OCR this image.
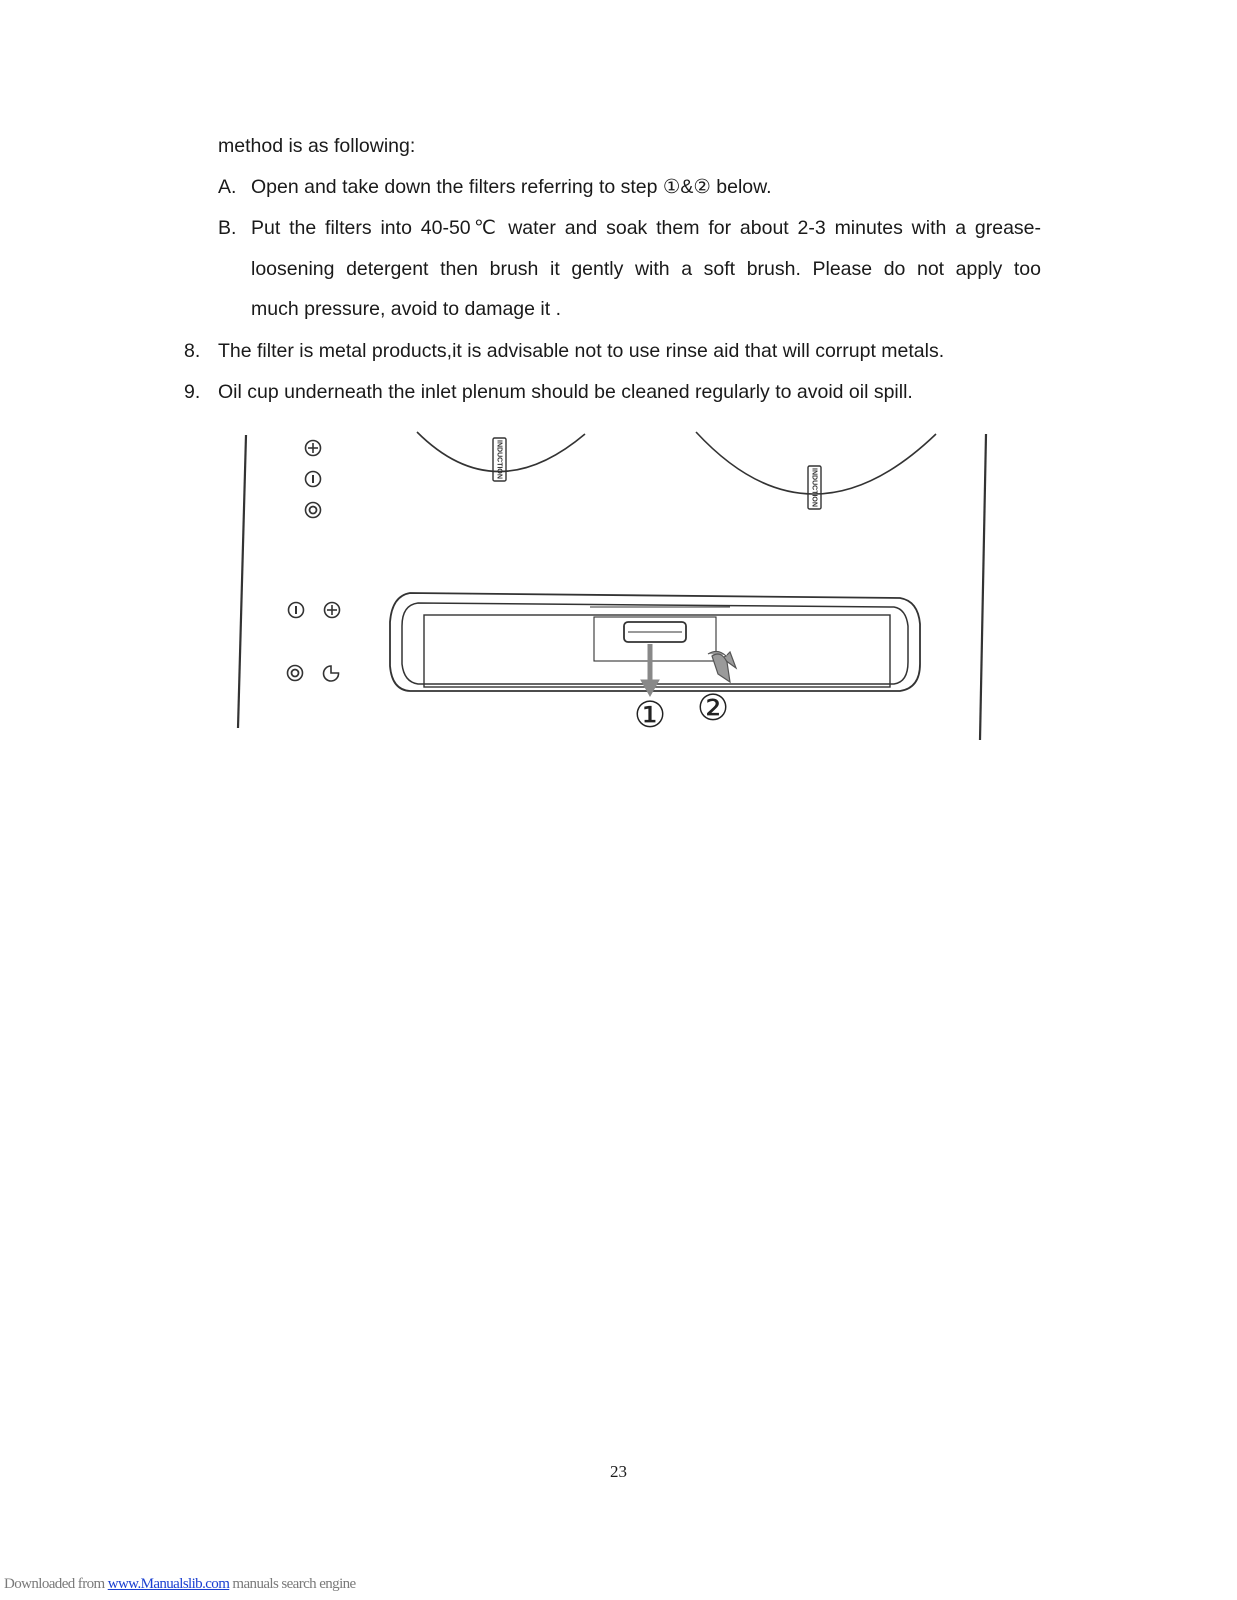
method is as following:
A. Open and take down the filters referring to step ①&② below.
B. Put the filters into 40-50℃ water and soak them for about 2-3 minutes with a grease-
loosening detergent then brush it gently with a soft brush. Please do not apply too
much pressure, avoid to damage it .
8. The filter is metal products,it is advisable not to use rinse aid that will corrupt metals.
9. Oil cup underneath the inlet plenum should be cleaned regularly to avoid oil spill.
INDUCTION
INDUCTION
① ②
23
Downloaded from www.Manualslib.com manuals search engine
